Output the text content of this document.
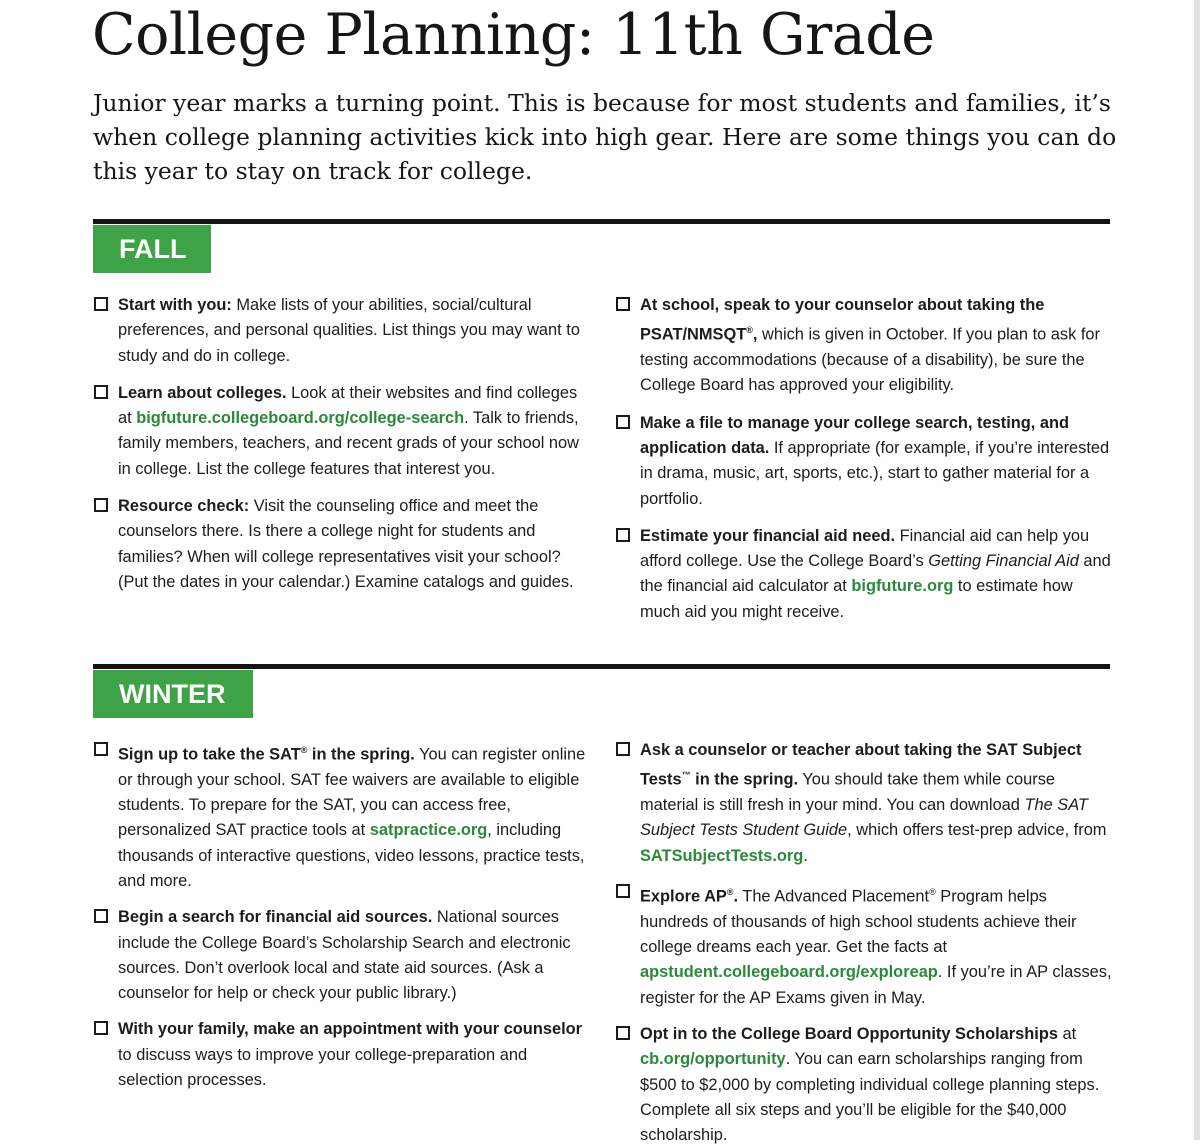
College Planning: 11th Grade

Junior year marks a turning point. This is because for most students and families, it’s when college planning activities kick into high gear. Here are some things you can do this year to stay on track for college.

FALL
Start with you: Make lists of your abilities, social/cultural preferences, and personal qualities. List things you may want to study and do in college.
Learn about colleges. Look at their websites and find colleges at bigfuture.collegeboard.org/college-search. Talk to friends, family members, teachers, and recent grads of your school now in college. List the college features that interest you.
Resource check: Visit the counseling office and meet the counselors there. Is there a college night for students and families? When will college representatives visit your school? (Put the dates in your calendar.) Examine catalogs and guides.
At school, speak to your counselor about taking the PSAT/NMSQT®, which is given in October. If you plan to ask for testing accommodations (because of a disability), be sure the College Board has approved your eligibility.
Make a file to manage your college search, testing, and application data. If appropriate (for example, if you’re interested in drama, music, art, sports, etc.), start to gather material for a portfolio.
Estimate your financial aid need. Financial aid can help you afford college. Use the College Board’s Getting Financial Aid and the financial aid calculator at bigfuture.org to estimate how much aid you might receive.
WINTER
Sign up to take the SAT® in the spring. You can register online or through your school. SAT fee waivers are available to eligible students. To prepare for the SAT, you can access free, personalized SAT practice tools at satpractice.org, including thousands of interactive questions, video lessons, practice tests, and more.
Begin a search for financial aid sources. National sources include the College Board’s Scholarship Search and electronic sources. Don’t overlook local and state aid sources. (Ask a counselor for help or check your public library.)
With your family, make an appointment with your counselor to discuss ways to improve your college-preparation and selection processes.
Ask a counselor or teacher about taking the SAT Subject Tests™ in the spring. You should take them while course material is still fresh in your mind. You can download The SAT Subject Tests Student Guide, which offers test-prep advice, from SATSubjectTests.org.
Explore AP®. The Advanced Placement® Program helps hundreds of thousands of high school students achieve their college dreams each year. Get the facts at apstudent.collegeboard.org/exploreap. If you’re in AP classes, register for the AP Exams given in May.
Opt in to the College Board Opportunity Scholarships at cb.org/opportunity. You can earn scholarships ranging from $500 to $2,000 by completing individual college planning steps. Complete all six steps and you’ll be eligible for the $40,000 scholarship.
